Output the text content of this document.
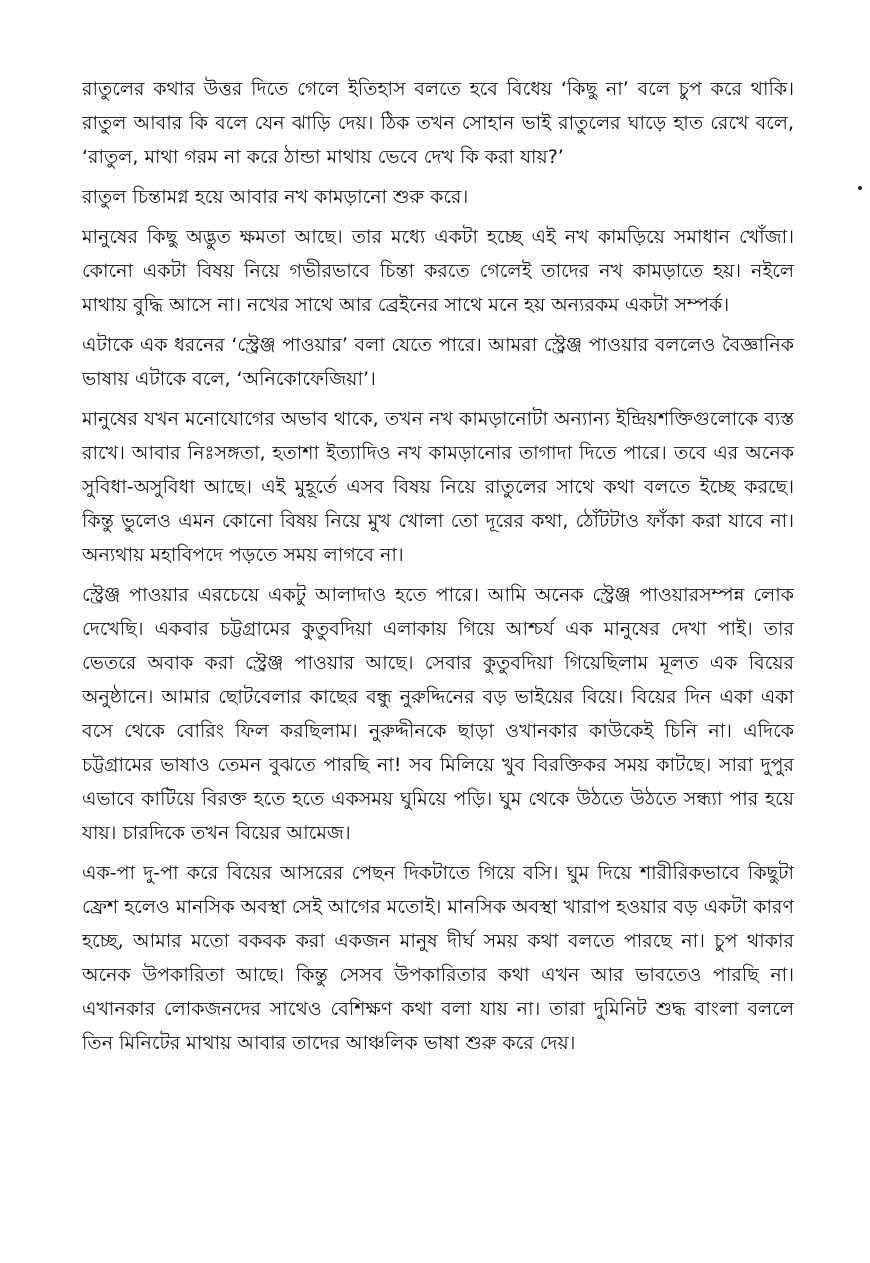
রাতুলের কথার উত্তর দিতে গেলে ইতিহাস বলতে হবে বিধেয় ‘কিছু না’ বলে চুপ করে থাকি। রাতুল আবার কি বলে যেন ঝাড়ি দেয়। ঠিক তখন সোহান ভাই রাতুলের ঘাড়ে হাত রেখে বলে, ‘রাতুল, মাথা গরম না করে ঠান্ডা মাথায় ভেবে দেখ কি করা যায়?’

রাতুল চিন্তামগ্ন হয়ে আবার নখ কামড়ানো শুরু করে।

মানুষের কিছু অদ্ভুত ক্ষমতা আছে। তার মধ্যে একটা হচ্ছে এই নখ কামড়িয়ে সমাধান খোঁজা। কোনো একটা বিষয় নিয়ে গভীরভাবে চিন্তা করতে গেলেই তাদের নখ কামড়াতে হয়। নইলে মাথায় বুদ্ধি আসে না। নখের সাথে আর ব্রেইনের সাথে মনে হয় অন্যরকম একটা সম্পর্ক।

এটাকে এক ধরনের ‘স্ট্রেঞ্জ পাওয়ার’ বলা যেতে পারে। আমরা স্ট্রেঞ্জ পাওয়ার বললেও বৈজ্ঞানিক ভাষায় এটাকে বলে, ‘অনিকোফেজিয়া’।

মানুষের যখন মনোযোগের অভাব থাকে, তখন নখ কামড়ানোটা অন্যান্য ইন্দ্রিয়শক্তিগুলোকে ব্যস্ত রাখে। আবার নিঃসঙ্গতা, হতাশা ইত্যাদিও নখ কামড়ানোর তাগাদা দিতে পারে। তবে এর অনেক সুবিধা-অসুবিধা আছে। এই মুহূর্তে এসব বিষয় নিয়ে রাতুলের সাথে কথা বলতে ইচ্ছে করছে। কিন্তু ভুলেও এমন কোনো বিষয় নিয়ে মুখ খোলা তো দূরের কথা, ঠোঁটটাও ফাঁকা করা যাবে না। অন্যথায় মহাবিপদে পড়তে সময় লাগবে না।

স্ট্রেঞ্জ পাওয়ার এরচেয়ে একটু আলাদাও হতে পারে। আমি অনেক স্ট্রেঞ্জ পাওয়ারসম্পন্ন লোক দেখেছি। একবার চট্টগ্রামের কুতুবদিয়া এলাকায় গিয়ে আশ্চর্য এক মানুষের দেখা পাই। তার ভেতরে অবাক করা স্ট্রেঞ্জ পাওয়ার আছে। সেবার কুতুবদিয়া গিয়েছিলাম মূলত এক বিয়ের অনুষ্ঠানে। আমার ছোটবেলার কাছের বন্ধু নুরুদ্দিনের বড় ভাইয়ের বিয়ে। বিয়ের দিন একা একা বসে থেকে বোরিং ফিল করছিলাম। নুরুদ্দীনকে ছাড়া ওখানকার কাউকেই চিনি না। এদিকে চট্টগ্রামের ভাষাও তেমন বুঝতে পারছি না! সব মিলিয়ে খুব বিরক্তিকর সময় কাটছে। সারা দুপুর এভাবে কাটিয়ে বিরক্ত হতে হতে একসময় ঘুমিয়ে পড়ি। ঘুম থেকে উঠতে উঠতে সন্ধ্যা পার হয়ে যায়। চারদিকে তখন বিয়ের আমেজ।

এক-পা দু-পা করে বিয়ের আসরের পেছন দিকটাতে গিয়ে বসি। ঘুম দিয়ে শারীরিকভাবে কিছুটা ফ্রেশ হলেও মানসিক অবস্থা সেই আগের মতোই। মানসিক অবস্থা খারাপ হওয়ার বড় একটা কারণ হচ্ছে, আমার মতো বকবক করা একজন মানুষ দীর্ঘ সময় কথা বলতে পারছে না। চুপ থাকার অনেক উপকারিতা আছে। কিন্তু সেসব উপকারিতার কথা এখন আর ভাবতেও পারছি না। এখানকার লোকজনদের সাথেও বেশিক্ষণ কথা বলা যায় না। তারা দুমিনিট শুদ্ধ বাংলা বললে তিন মিনিটের মাথায় আবার তাদের আঞ্চলিক ভাষা শুরু করে দেয়।
